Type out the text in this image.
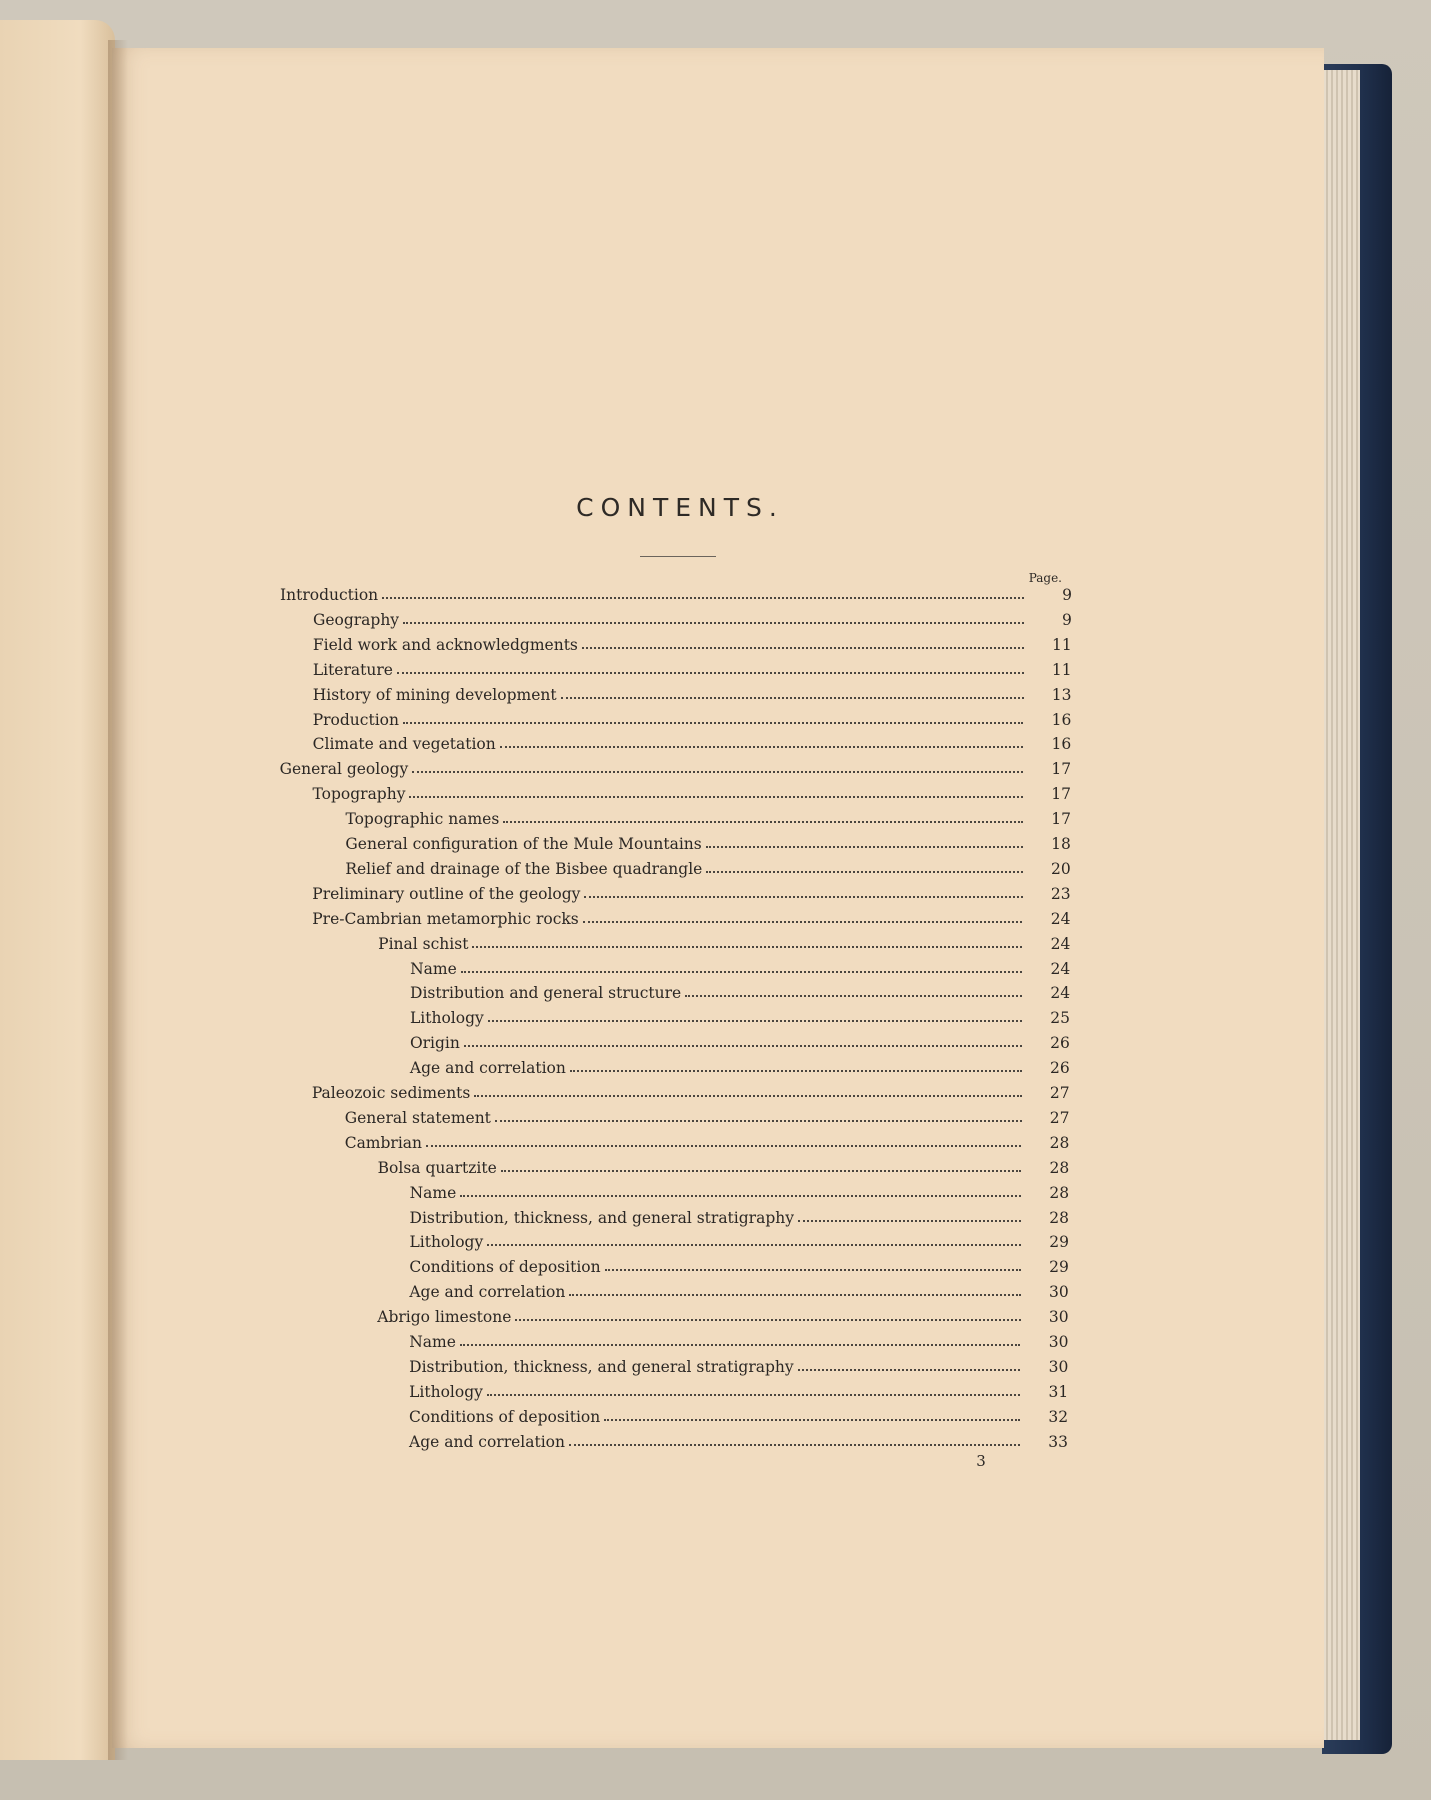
CONTENTS.
Page.
Introduction	9
Geography	9
Field work and acknowledgments	11
Literature	11
History of mining development	13
Production	16
Climate and vegetation	16
General geology	17
Topography	17
Topographic names	17
General configuration of the Mule Mountains	18
Relief and drainage of the Bisbee quadrangle	20
Preliminary outline of the geology	23
Pre-Cambrian metamorphic rocks	24
Pinal schist	24
Name	24
Distribution and general structure	24
Lithology	25
Origin	26
Age and correlation	26
Paleozoic sediments	27
General statement	27
Cambrian	28
Bolsa quartzite	28
Name	28
Distribution, thickness, and general stratigraphy	28
Lithology	29
Conditions of deposition	29
Age and correlation	30
Abrigo limestone	30
Name	30
Distribution, thickness, and general stratigraphy	30
Lithology	31
Conditions of deposition	32
Age and correlation	33
3
